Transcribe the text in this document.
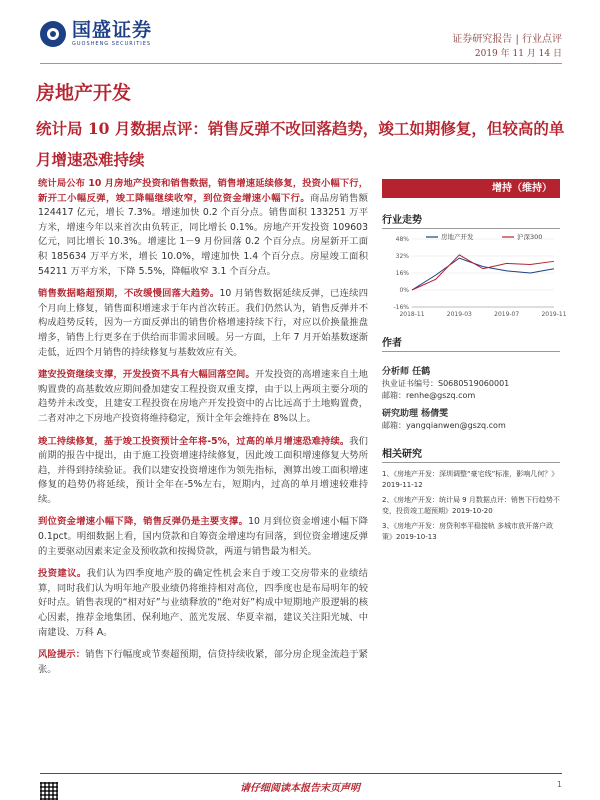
国盛证券
GUOSHENG SECURITIES	证券研究报告 | 行业点评
2019 年 11 月 14 日
房地产开发
统计局 10 月数据点评：销售反弹不改回落趋势，竣工如期修复，但较高的单月增速恐难持续

统计局公布 10 月房地产投资和销售数据，销售增速延续修复，投资小幅下行，新开工小幅反弹，竣工降幅继续收窄，到位资金增速小幅下行。商品房销售额 124417 亿元，增长 7.3%。增速加快 0.2 个百分点。销售面积 133251 万平方米，增速今年以来首次由负转正，同比增长 0.1%。房地产开发投资 109603 亿元，同比增长 10.3%。增速比 1－9 月份回落 0.2 个百分点。房屋新开工面积 185634 万平方米，增长 10.0%，增速加快 1.4 个百分点。房屋竣工面积 54211 万平方米，下降 5.5%，降幅收窄 3.1 个百分点。

销售数据略超预期，不改缓慢回落大趋势。10 月销售数据延续反弹，已连续四个月向上修复，销售面积增速求于年内首次转正。我们仍然认为，销售反弹并不构成趋势反转，因为一方面反弹出的销售价格增速持续下行，对应以价换量推盘增多，销售上行更多在于供给而非需求回暖。另一方面，上年 7 月开始基数逐渐走低，近四个月销售的持续修复与基数效应有关。

建安投资继续支撑，开发投资不具有大幅回落空间。开发投资的高增速来自土地购置费的高基数效应期间叠加建安工程投资双重支撑，由于以上两项主要分项的趋势并未改变，且建安工程投资在房地产开发投资中的占比远高于土地购置费，二者对冲之下房地产投资将维持稳定，预计全年会维持在 8%以上。

竣工持续修复，基于竣工投资预计全年将-5%，过高的单月增速恐难持续。我们前期的报告中提出，由于施工投资增速持续修复，因此竣工面积增速修复大势所趋，并得到持续验证。我们以建安投资增速作为领先指标，测算出竣工面积增速修复的趋势仍将延续，预计全年在-5%左右，短期内，过高的单月增速较难持续。

到位资金增速小幅下降，销售反弹仍是主要支撑。10 月到位资金增速小幅下降 0.1pct。明细数据上看，国内贷款和自筹资金增速均有回落，到位资金增速反弹的主要驱动因素来定金及预收款和按揭贷款，两道与销售最为相关。

投资建议。我们认为四季度地产股的确定性机会来自于竣工交房带来的业绩结算，同时我们认为明年地产股业绩仍将维持相对高位，四季度也是布局明年的较好时点。销售表现的“相对好”与业绩释放的“绝对好”构成中短期地产股逻辑的核心因素，推荐金地集团、保利地产、蓝光发展、华夏幸福，建议关注阳光城、中南建设、万科 A。

风险提示：销售下行幅度或节奏超预期，信贷持续收紧，部分房企现金流趋于紧张。

增持（维持）
行业走势
48%
32%
16%
0%
-16%
2018-11	2019-03	2019-07	2019-11
房地产开发	沪深300
作者
分析师 任鹤
执业证书编号：S0680519060001
邮箱：renhe@gszq.com
研究助理 杨倩雯
邮箱：yangqianwen@gszq.com
相关研究
1、《房地产开发：深圳调整“豪宅线”标准，影响几何？》2019-11-12
2、《房地产开发：统计局 9 月数据点评：销售下行趋势不变，投资竣工超预期》2019-10-20
3、《房地产开发：房贷利率平稳接轨 多城市放开落户政策》2019-10-13
请仔细阅读本报告末页声明	1
